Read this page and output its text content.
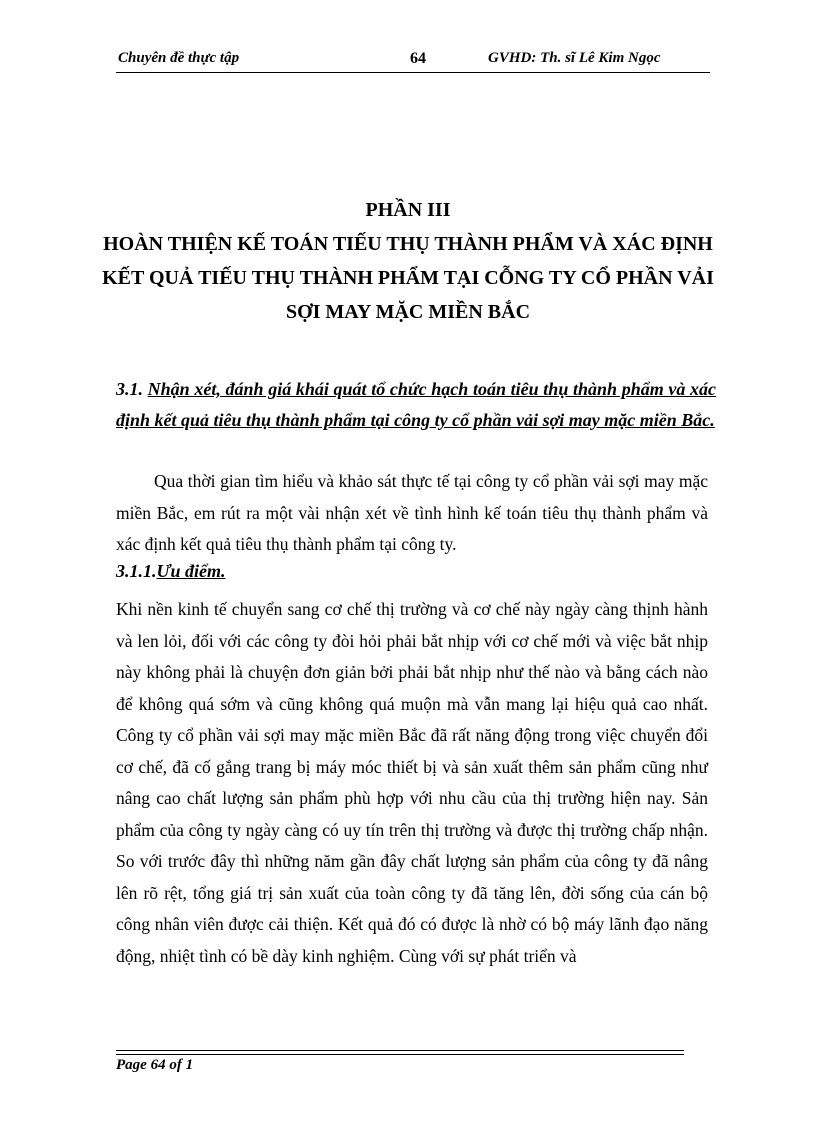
Chuyên đề thực tập	64	GVHD: Th. sĩ Lê Kim Ngọc
PHẦN III
HOÀN THIỆN KẾ TOÁN TIẾU THỤ THÀNH PHẨM VÀ XÁC ĐỊNH KẾT QUẢ TIẾU THỤ THÀNH PHẨM TẠI CỖNG TY CỔ PHẦN VẢI SỢI MAY MẶC MIỀN BẮC
3.1. Nhận xét, đánh giá khái quát tổ chức hạch toán tiêu thụ thành phẩm và xác định kết quả tiêu thụ thành phẩm tại công ty cổ phần vải sợi may mặc miền Bắc.
Qua thời gian tìm hiểu và khảo sát thực tế tại công ty cổ phần vải sợi may mặc miền Bắc, em rút ra một vài nhận xét về tình hình kế toán tiêu thụ thành phẩm và xác định kết quả tiêu thụ thành phẩm tại công ty.
3.1.1.Ưu điểm.
Khi nền kinh tế chuyển sang cơ chế thị trường và cơ chế này ngày càng thịnh hành và len lỏi, đối với các công ty đòi hỏi phải bắt nhịp với cơ chế mới và việc bắt nhịp này không phải là chuyện đơn giản bởi phải bắt nhịp như thế nào và bằng cách nào để không quá sớm và cũng không quá muộn mà vẫn mang lại hiệu quả cao nhất. Công ty cổ phần vải sợi may mặc miền Bắc đã rất năng động trong việc chuyển đổi cơ chế, đã cố gắng trang bị máy móc thiết bị và sản xuất thêm sản phẩm cũng như nâng cao chất lượng sản phẩm phù hợp với nhu cầu của thị trường hiện nay. Sản phẩm của công ty ngày càng có uy tín trên thị trường và được thị trường chấp nhận. So với trước đây thì những năm gần đây chất lượng sản phẩm của công ty đã nâng lên rõ rệt, tổng giá trị sản xuất của toàn công ty đã tăng lên, đời sống của cán bộ công nhân viên được cải thiện. Kết quả đó có được là nhờ có bộ máy lãnh đạo năng động, nhiệt tình có bề dày kinh nghiệm. Cùng với sự phát triển và
Page 64 of 1
